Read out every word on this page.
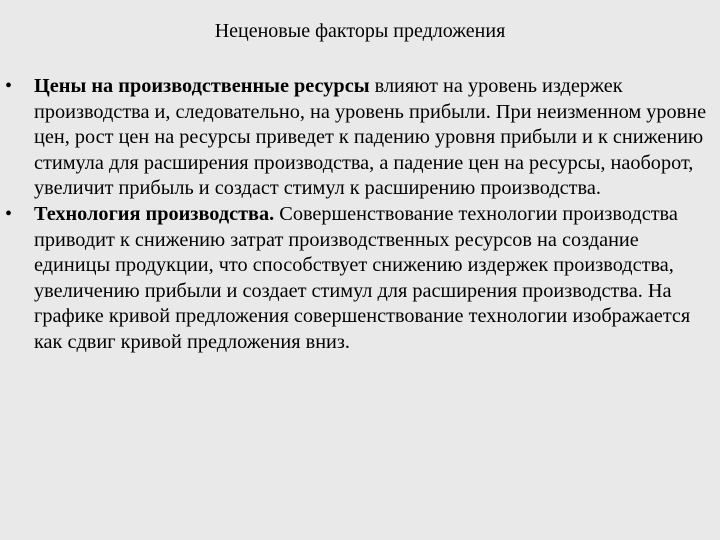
Неценовые факторы предложения
• Цены на производственные ресурсы влияют на уровень издержек производства и, следовательно, на уровень прибыли. При неизменном уровне цен, рост цен на ресурсы приведет к падению уровня прибыли и к снижению стимула для расширения производства, а падение цен на ресурсы, наоборот, увеличит прибыль и создаст стимул к расширению производства.
• Технология производства. Совершенствование технологии производства приводит к снижению затрат производственных ресурсов на создание единицы продукции, что способствует снижению издержек производства, увеличению прибыли и создает стимул для расширения производства. На графике кривой предложения совершенствование технологии изображается как сдвиг кривой предложения вниз.
